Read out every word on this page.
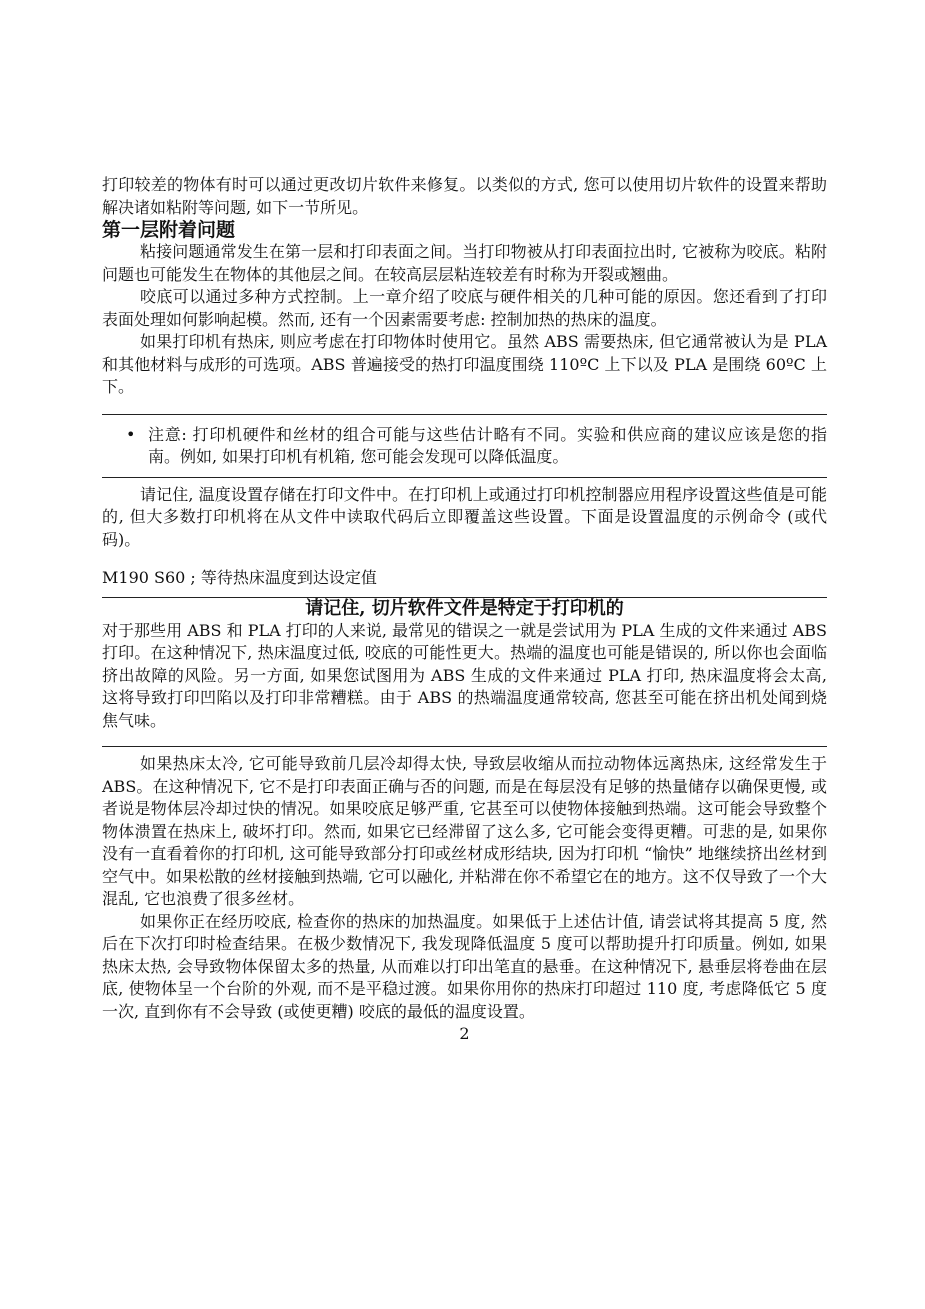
打印较差的物体有时可以通过更改切片软件来修复。以类似的方式, 您可以使用切片软件的设置来帮助解决诸如粘附等问题, 如下一节所见。

第一层附着问题

粘接问题通常发生在第一层和打印表面之间。当打印物被从打印表面拉出时, 它被称为咬底。粘附问题也可能发生在物体的其他层之间。在较高层层粘连较差有时称为开裂或翘曲。

咬底可以通过多种方式控制。上一章介绍了咬底与硬件相关的几种可能的原因。您还看到了打印表面处理如何影响起模。然而, 还有一个因素需要考虑: 控制加热的热床的温度。

如果打印机有热床, 则应考虑在打印物体时使用它。虽然 ABS 需要热床, 但它通常被认为是 PLA 和其他材料与成形的可选项。ABS 普遍接受的热打印温度围绕 110ºC 上下以及 PLA 是围绕 60ºC 上下。

• 注意: 打印机硬件和丝材的组合可能与这些估计略有不同。实验和供应商的建议应该是您的指南。例如, 如果打印机有机箱, 您可能会发现可以降低温度。

请记住, 温度设置存储在打印文件中。在打印机上或通过打印机控制器应用程序设置这些值是可能的, 但大多数打印机将在从文件中读取代码后立即覆盖这些设置。下面是设置温度的示例命令 (或代码)。

M190 S60 ; 等待热床温度到达设定值
请记住, 切片软件文件是特定于打印机的

对于那些用 ABS 和 PLA 打印的人来说, 最常见的错误之一就是尝试用为 PLA 生成的文件来通过 ABS 打印。在这种情况下, 热床温度过低, 咬底的可能性更大。热端的温度也可能是错误的, 所以你也会面临挤出故障的风险。另一方面, 如果您试图用为 ABS 生成的文件来通过 PLA 打印, 热床温度将会太高, 这将导致打印凹陷以及打印非常糟糕。由于 ABS 的热端温度通常较高, 您甚至可能在挤出机处闻到烧焦气味。

如果热床太冷, 它可能导致前几层冷却得太快, 导致层收缩从而拉动物体远离热床, 这经常发生于 ABS。在这种情况下, 它不是打印表面正确与否的问题, 而是在每层没有足够的热量储存以确保更慢, 或者说是物体层冷却过快的情况。如果咬底足够严重, 它甚至可以使物体接触到热端。这可能会导致整个物体溃置在热床上, 破坏打印。然而, 如果它已经滞留了这么多, 它可能会变得更糟。可悲的是, 如果你没有一直看着你的打印机, 这可能导致部分打印或丝材成形结块, 因为打印机 “愉快” 地继续挤出丝材到空气中。如果松散的丝材接触到热端, 它可以融化, 并粘滞在你不希望它在的地方。这不仅导致了一个大混乱, 它也浪费了很多丝材。

如果你正在经历咬底, 检查你的热床的加热温度。如果低于上述估计值, 请尝试将其提高 5 度, 然后在下次打印时检查结果。在极少数情况下, 我发现降低温度 5 度可以帮助提升打印质量。例如, 如果热床太热, 会导致物体保留太多的热量, 从而难以打印出笔直的悬垂。在这种情况下, 悬垂层将卷曲在层底, 使物体呈一个台阶的外观, 而不是平稳过渡。如果你用你的热床打印超过 110 度, 考虑降低它 5 度一次, 直到你有不会导致 (或使更糟) 咬底的最低的温度设置。

2
